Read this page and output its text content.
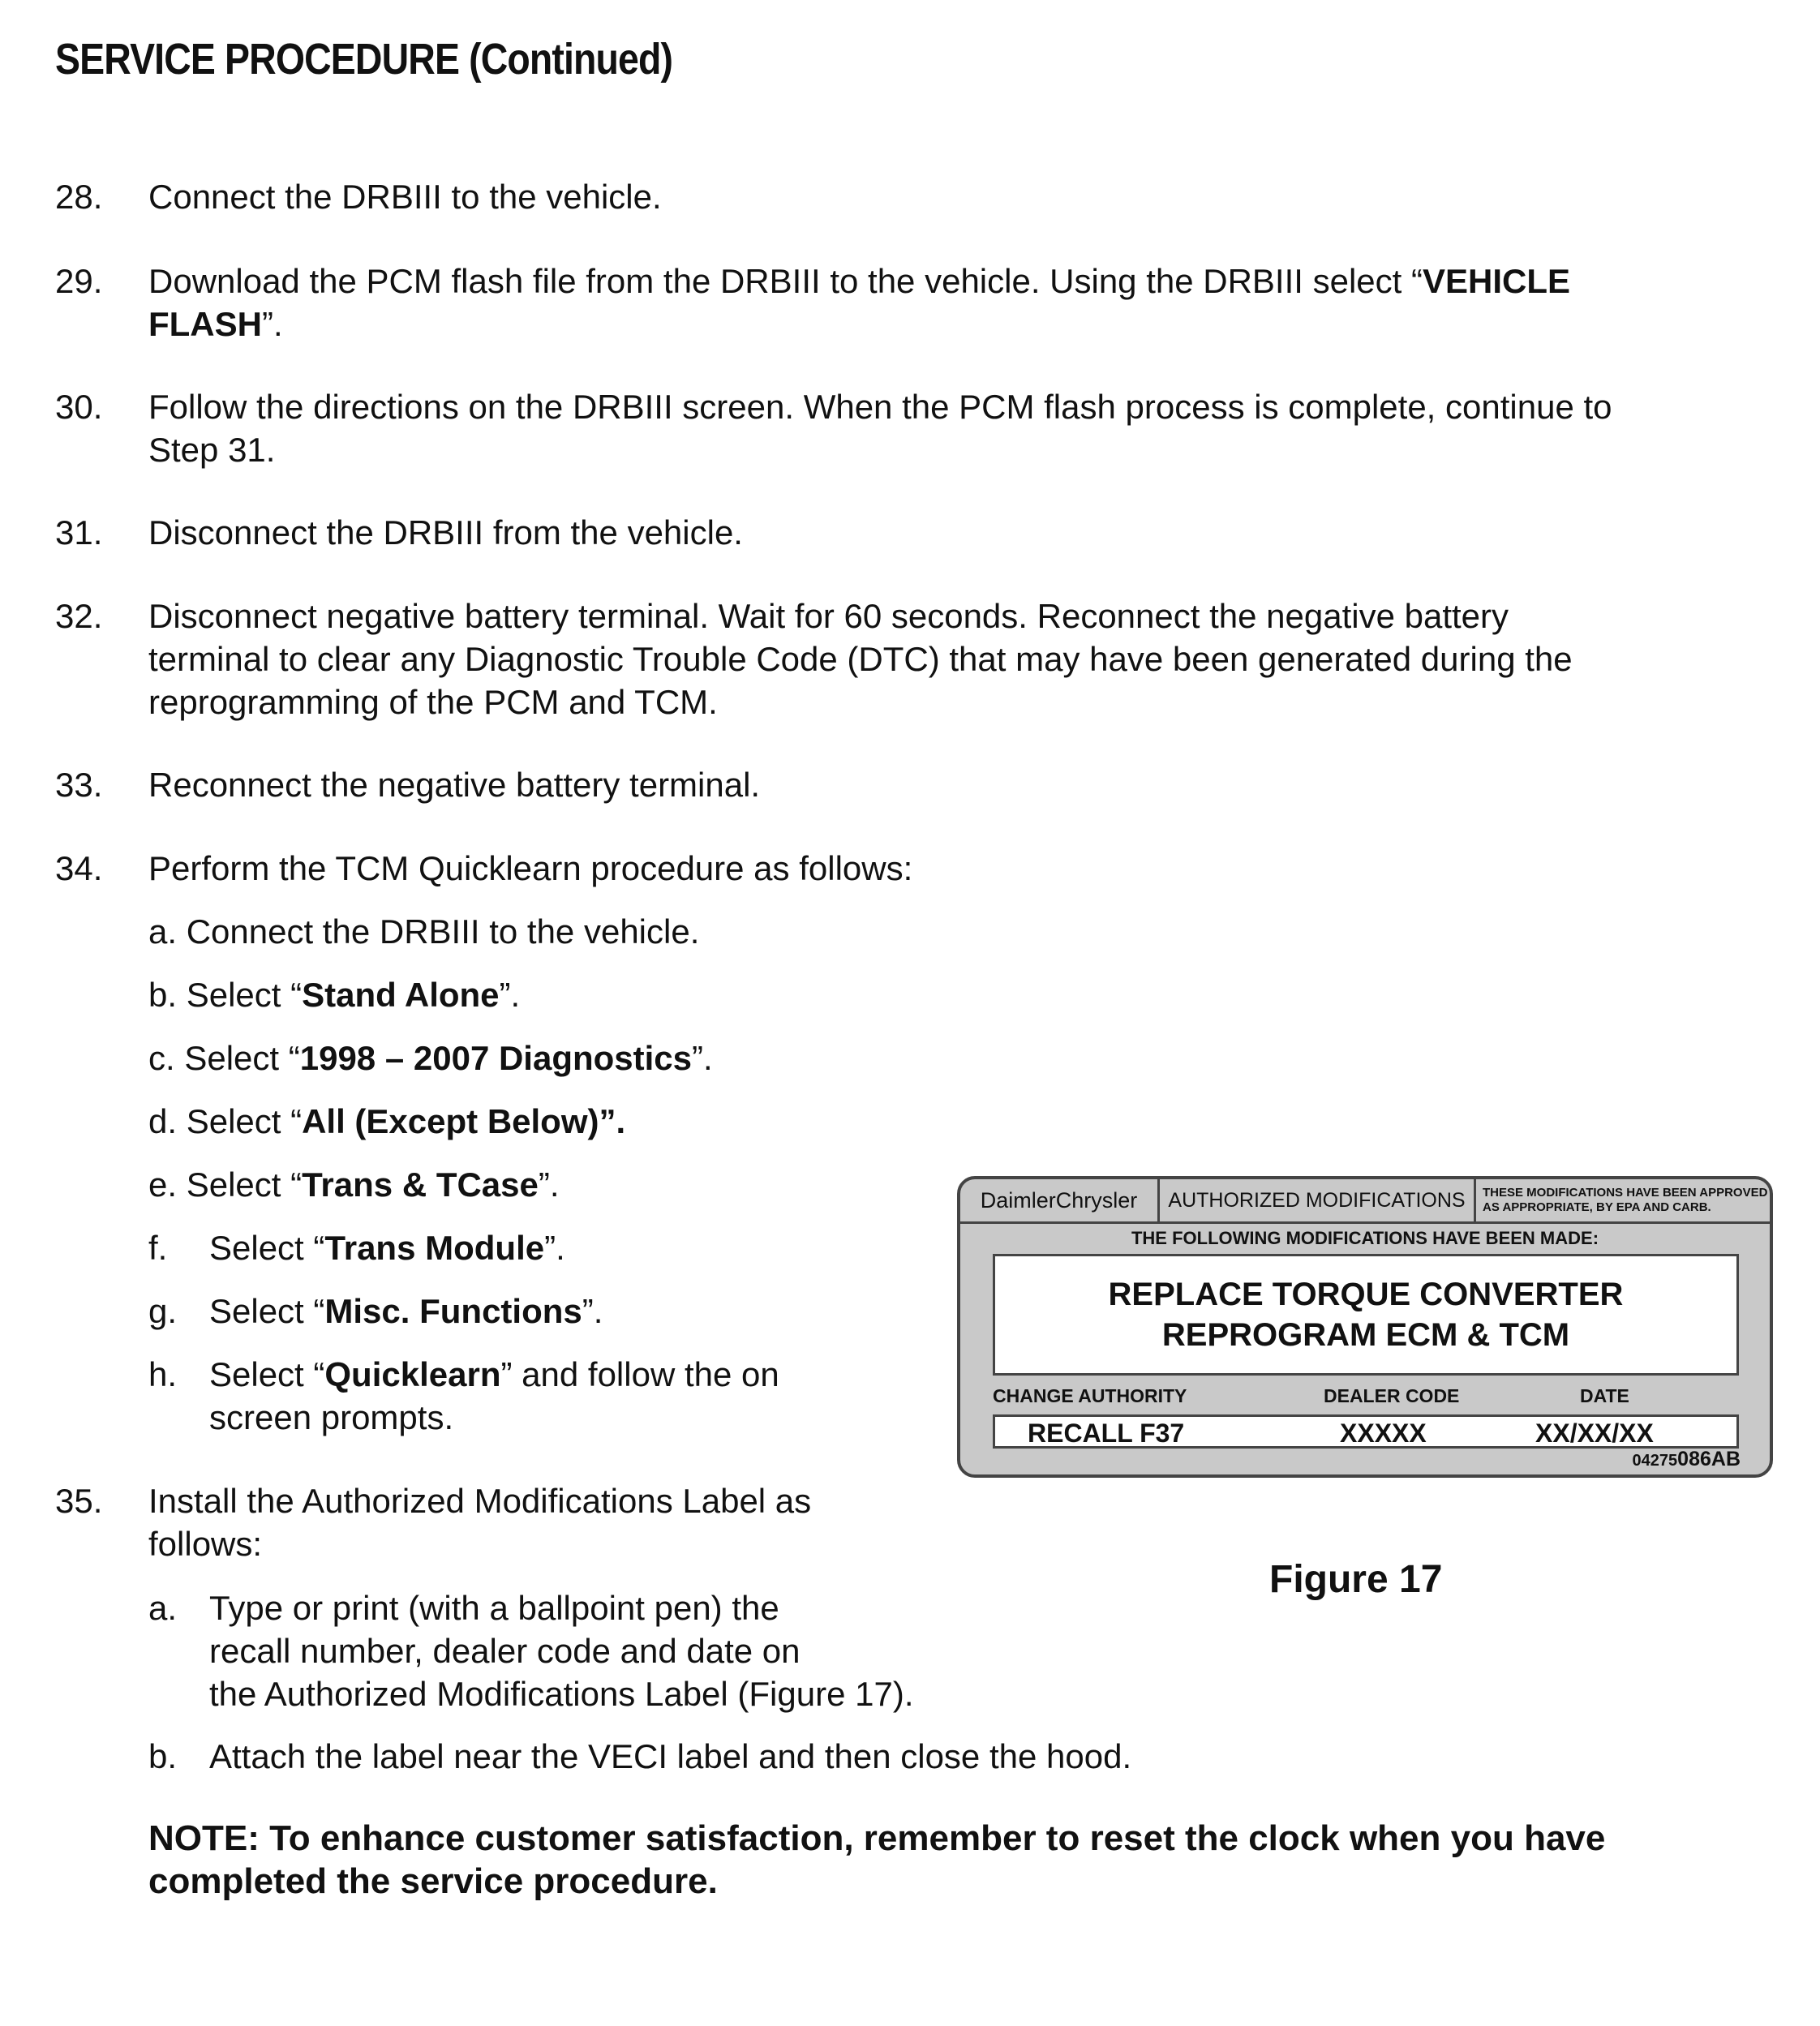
SERVICE PROCEDURE (Continued)
28. Connect the DRBIII to the vehicle.
29. Download the PCM flash file from the DRBIII to the vehicle. Using the DRBIII select “VEHICLE
FLASH”.
30. Follow the directions on the DRBIII screen. When the PCM flash process is complete, continue to
Step 31.
31. Disconnect the DRBIII from the vehicle.
32. Disconnect negative battery terminal. Wait for 60 seconds. Reconnect the negative battery
terminal to clear any Diagnostic Trouble Code (DTC) that may have been generated during the
reprogramming of the PCM and TCM.
33. Reconnect the negative battery terminal.
34. Perform the TCM Quicklearn procedure as follows:
a. Connect the DRBIII to the vehicle.
b. Select “Stand Alone”.
c. Select “1998 – 2007 Diagnostics”.
d. Select “All (Except Below)”.
e. Select “Trans & TCase”.
f. Select “Trans Module”.
g. Select “Misc. Functions”.
h. Select “Quicklearn” and follow the on
screen prompts.
35. Install the Authorized Modifications Label as
follows:
a. Type or print (with a ballpoint pen) the
recall number, dealer code and date on
the Authorized Modifications Label (Figure 17).
b. Attach the label near the VECI label and then close the hood.
DaimlerChrysler	AUTHORIZED MODIFICATIONS	THESE MODIFICATIONS HAVE BEEN APPROVED
AS APPROPRIATE, BY EPA AND CARB.
THE FOLLOWING MODIFICATIONS HAVE BEEN MADE:
REPLACE TORQUE CONVERTER
REPROGRAM ECM & TCM
CHANGE AUTHORITY	DEALER CODE	DATE
RECALL F37	XXXXX	XX/XX/XX
04275086AB
Figure 17
NOTE: To enhance customer satisfaction, remember to reset the clock when you have
completed the service procedure.
